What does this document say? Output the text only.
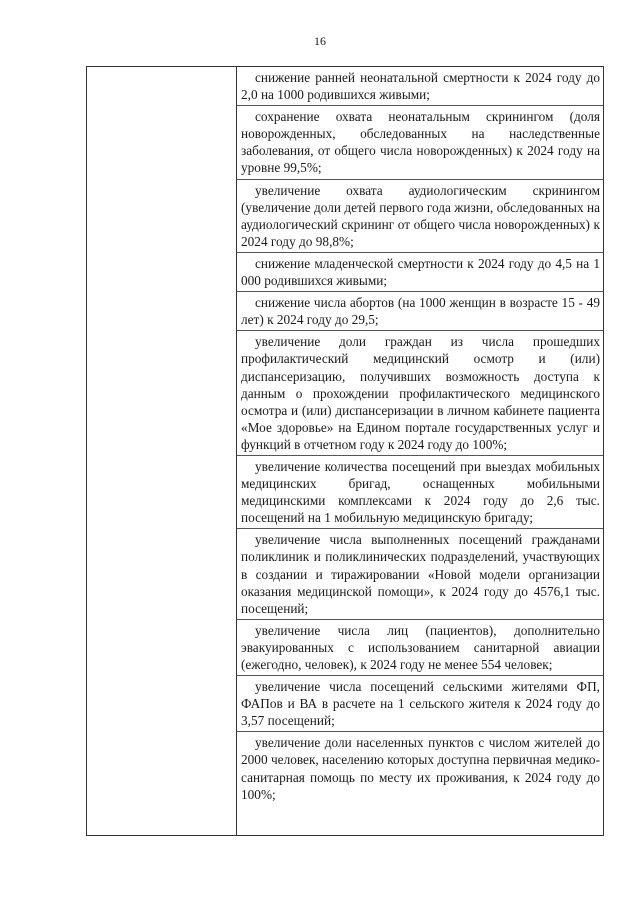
16

снижение ранней неонатальной смертности к 2024 году до 2,0 на 1000 родившихся живыми;

сохранение охвата неонатальным скринингом (доля новорожденных, обследованных на наследственные заболевания, от общего числа новорожденных) к 2024 году на уровне 99,5%;

увеличение охвата аудиологическим скринингом (увеличение доли детей первого года жизни, обследованных на аудиологический скрининг от общего числа новорожденных) к 2024 году до 98,8%;

снижение младенческой смертности к 2024 году до 4,5 на 1 000 родившихся живыми;

снижение числа абортов (на 1000 женщин в возрасте 15 - 49 лет) к 2024 году до 29,5;

увеличение доли граждан из числа прошедших профилактический медицинский осмотр и (или) диспансеризацию, получивших возможность доступа к данным о прохождении профилактического медицинского осмотра и (или) диспансеризации в личном кабинете пациента «Мое здоровье» на Едином портале государственных услуг и функций в отчетном году к 2024 году до 100%;

увеличение количества посещений при выездах мобильных медицинских бригад, оснащенных мобильными медицинскими комплексами к 2024 году до 2,6 тыс. посещений на 1 мобильную медицинскую бригаду;

увеличение числа выполненных посещений гражданами поликлиник и поликлинических подразделений, участвующих в создании и тиражировании «Новой модели организации оказания медицинской помощи», к 2024 году до 4576,1 тыс. посещений;

увеличение числа лиц (пациентов), дополнительно эвакуированных с использованием санитарной авиации (ежегодно, человек), к 2024 году не менее 554 человек;

увеличение числа посещений сельскими жителями ФП, ФАПов и ВА в расчете на 1 сельского жителя к 2024 году до 3,57 посещений;

увеличение доли населенных пунктов с числом жителей до 2000 человек, населению которых доступна первичная медико-санитарная помощь по месту их проживания, к 2024 году до 100%;
